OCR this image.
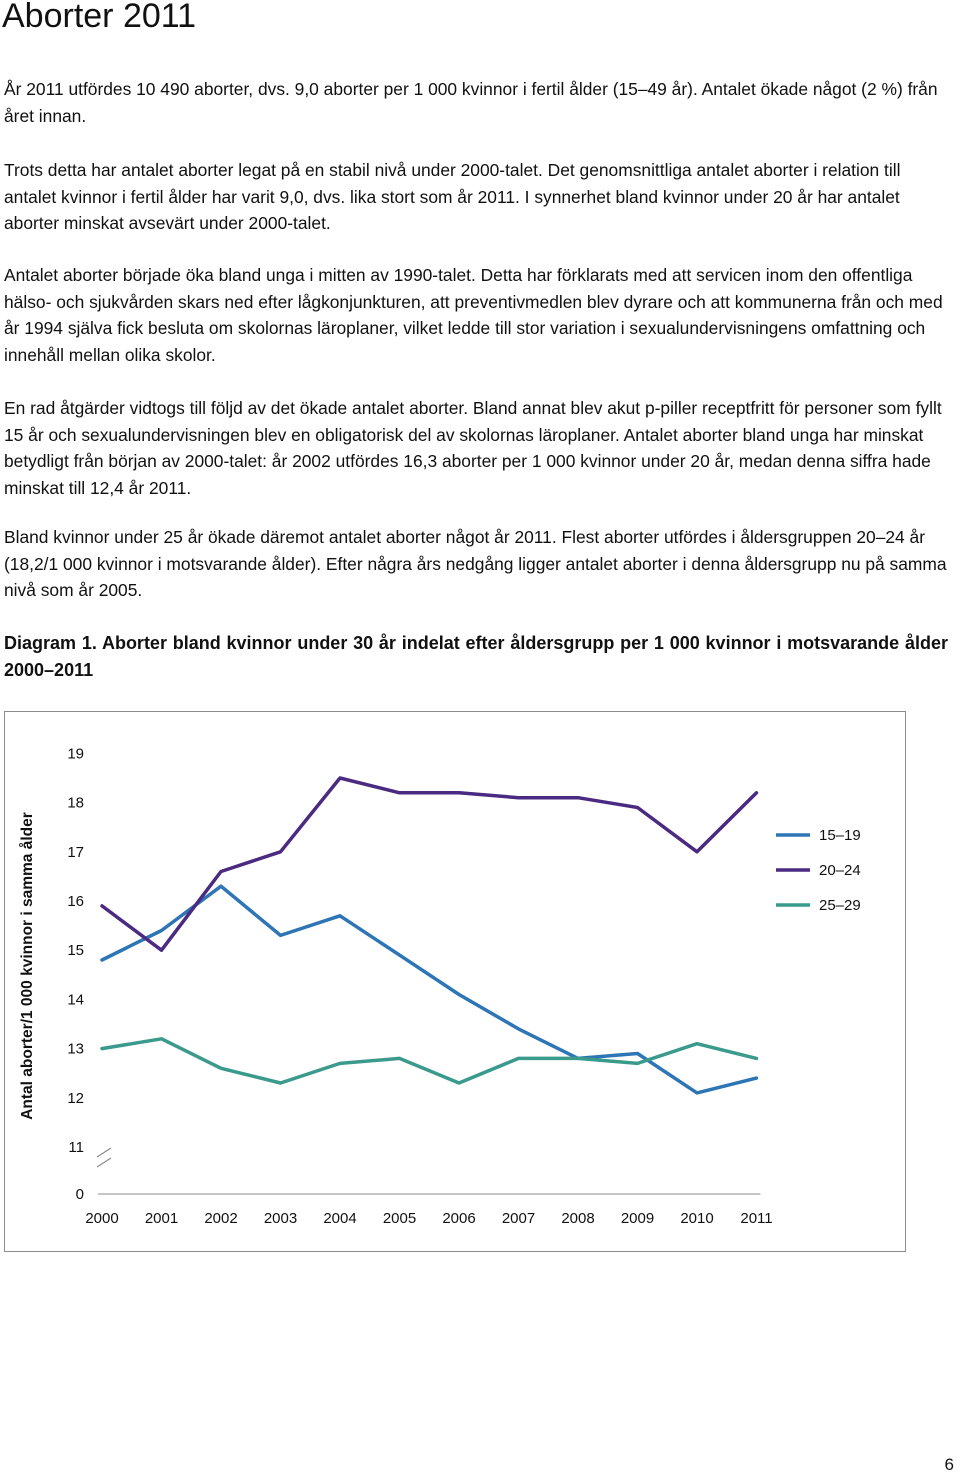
Aborter 2011

År 2011 utfördes 10 490 aborter, dvs. 9,0 aborter per 1 000 kvinnor i fertil ålder (15–49 år). Antalet ökade något (2 %) från året innan.

Trots detta har antalet aborter legat på en stabil nivå under 2000-talet. Det genomsnittliga antalet aborter i relation till antalet kvinnor i fertil ålder har varit 9,0, dvs. lika stort som år 2011. I synnerhet bland kvinnor under 20 år har antalet aborter minskat avsevärt under 2000-talet.

Antalet aborter började öka bland unga i mitten av 1990-talet. Detta har förklarats med att servicen inom den offentliga hälso- och sjukvården skars ned efter lågkonjunkturen, att preventivmedlen blev dyrare och att kommunerna från och med år 1994 själva fick besluta om skolornas läroplaner, vilket ledde till stor variation i sexualundervisningens omfattning och innehåll mellan olika skolor.

En rad åtgärder vidtogs till följd av det ökade antalet aborter. Bland annat blev akut p-piller receptfritt för personer som fyllt 15 år och sexualundervisningen blev en obligatorisk del av skolornas läroplaner. Antalet aborter bland unga har minskat betydligt från början av 2000-talet: år 2002 utfördes 16,3 aborter per 1 000 kvinnor under 20 år, medan denna siffra hade minskat till 12,4 år 2011.

Bland kvinnor under 25 år ökade däremot antalet aborter något år 2011. Flest aborter utfördes i åldersgruppen 20–24 år (18,2/1 000 kvinnor i motsvarande ålder). Efter några års nedgång ligger antalet aborter i denna åldersgrupp nu på samma nivå som år 2005.

Diagram 1. Aborter bland kvinnor under 30 år indelat efter åldersgrupp per 1 000 kvinnor i motsvarande ålder 2000–2011

Antal aborter/1 000 kvinnor i samma ålder
0
11
12
13
14
15
16
17
18
19
2000 2001 2002 2003 2004 2005 2006 2007 2008 2009 2010 2011
15–19
20–24
25–29
6
